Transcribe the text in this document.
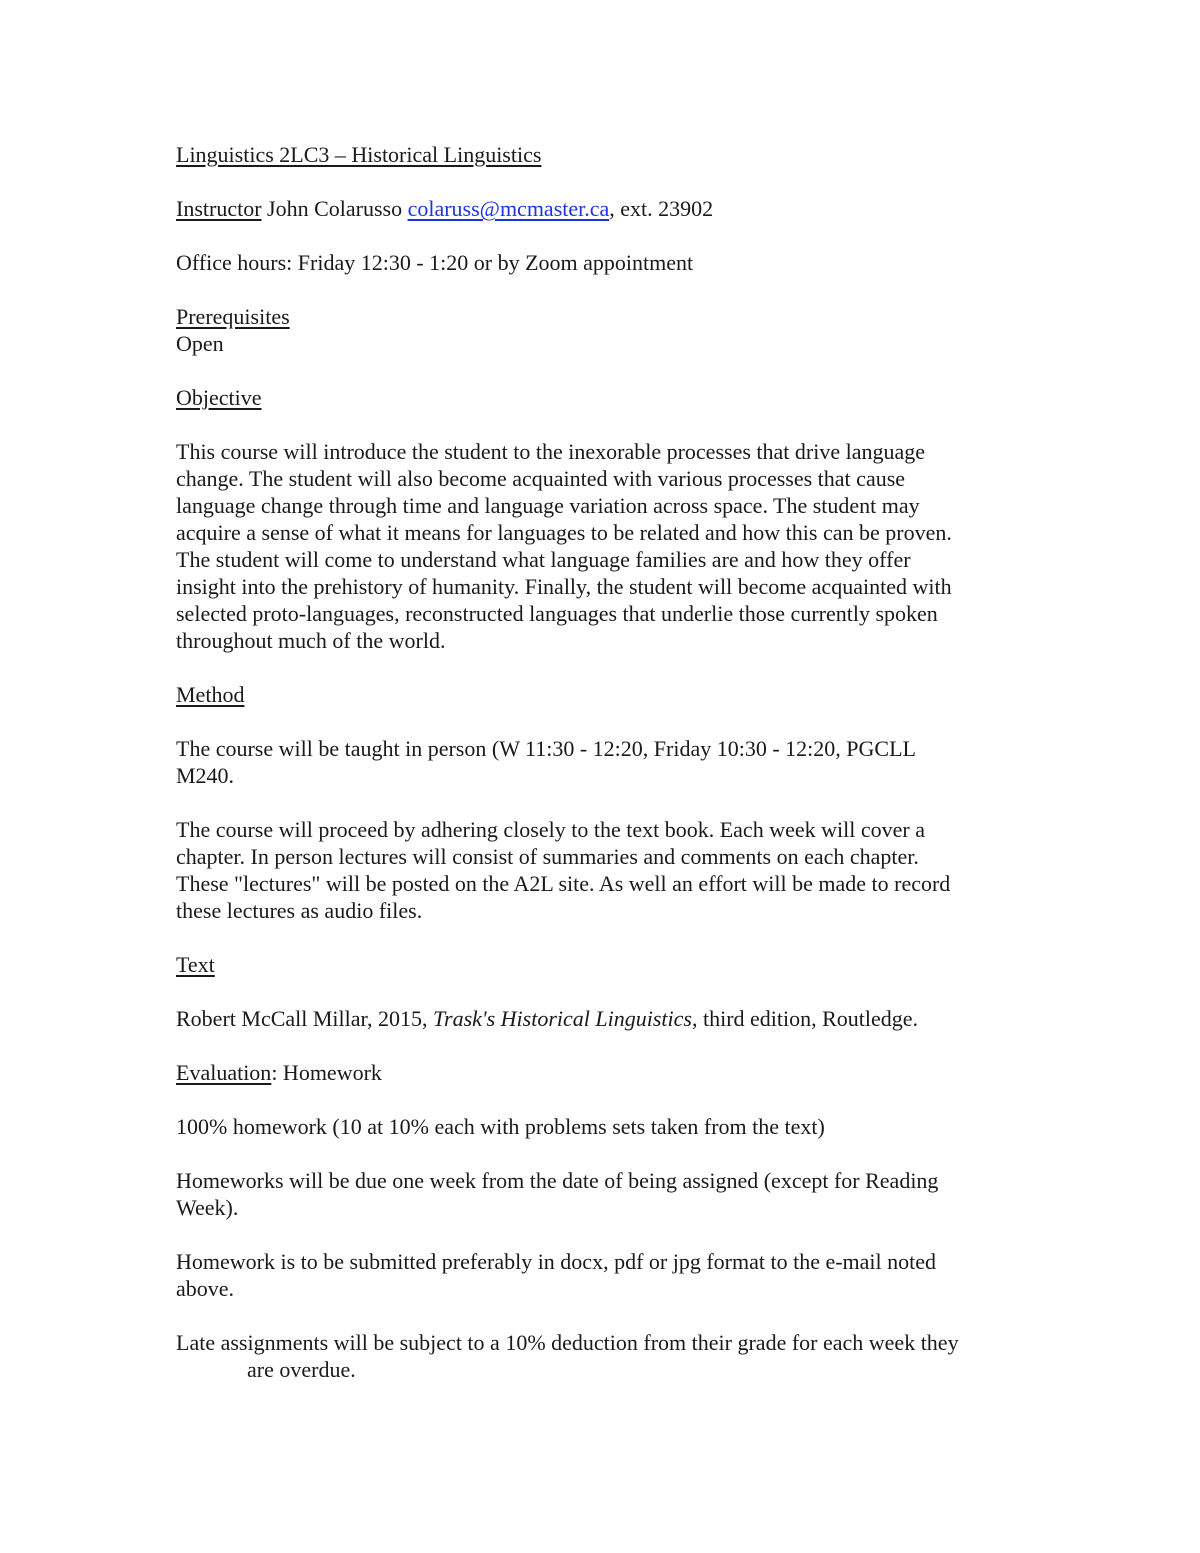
Linguistics 2LC3 – Historical Linguistics

Instructor John Colarusso colaruss@mcmaster.ca, ext. 23902

Office hours: Friday 12:30 - 1:20 or by Zoom appointment

Prerequisites

Open

Objective

This course will introduce the student to the inexorable processes that drive language

change. The student will also become acquainted with various processes that cause

language change through time and language variation across space. The student may

acquire a sense of what it means for languages to be related and how this can be proven.

The student will come to understand what language families are and how they offer

insight into the prehistory of humanity. Finally, the student will become acquainted with

selected proto-languages, reconstructed languages that underlie those currently spoken

throughout much of the world.

Method

The course will be taught in person (W 11:30 - 12:20, Friday 10:30 - 12:20, PGCLL

M240.

The course will proceed by adhering closely to the text book. Each week will cover a

chapter. In person lectures will consist of summaries and comments on each chapter.

These "lectures" will be posted on the A2L site. As well an effort will be made to record

these lectures as audio files.

Text

Robert McCall Millar, 2015, Trask's Historical Linguistics, third edition, Routledge.

Evaluation: Homework

100% homework (10 at 10% each with problems sets taken from the text)

Homeworks will be due one week from the date of being assigned (except for Reading

Week).

Homework is to be submitted preferably in docx, pdf or jpg format to the e-mail noted

above.

Late assignments will be subject to a 10% deduction from their grade for each week they

are overdue.
